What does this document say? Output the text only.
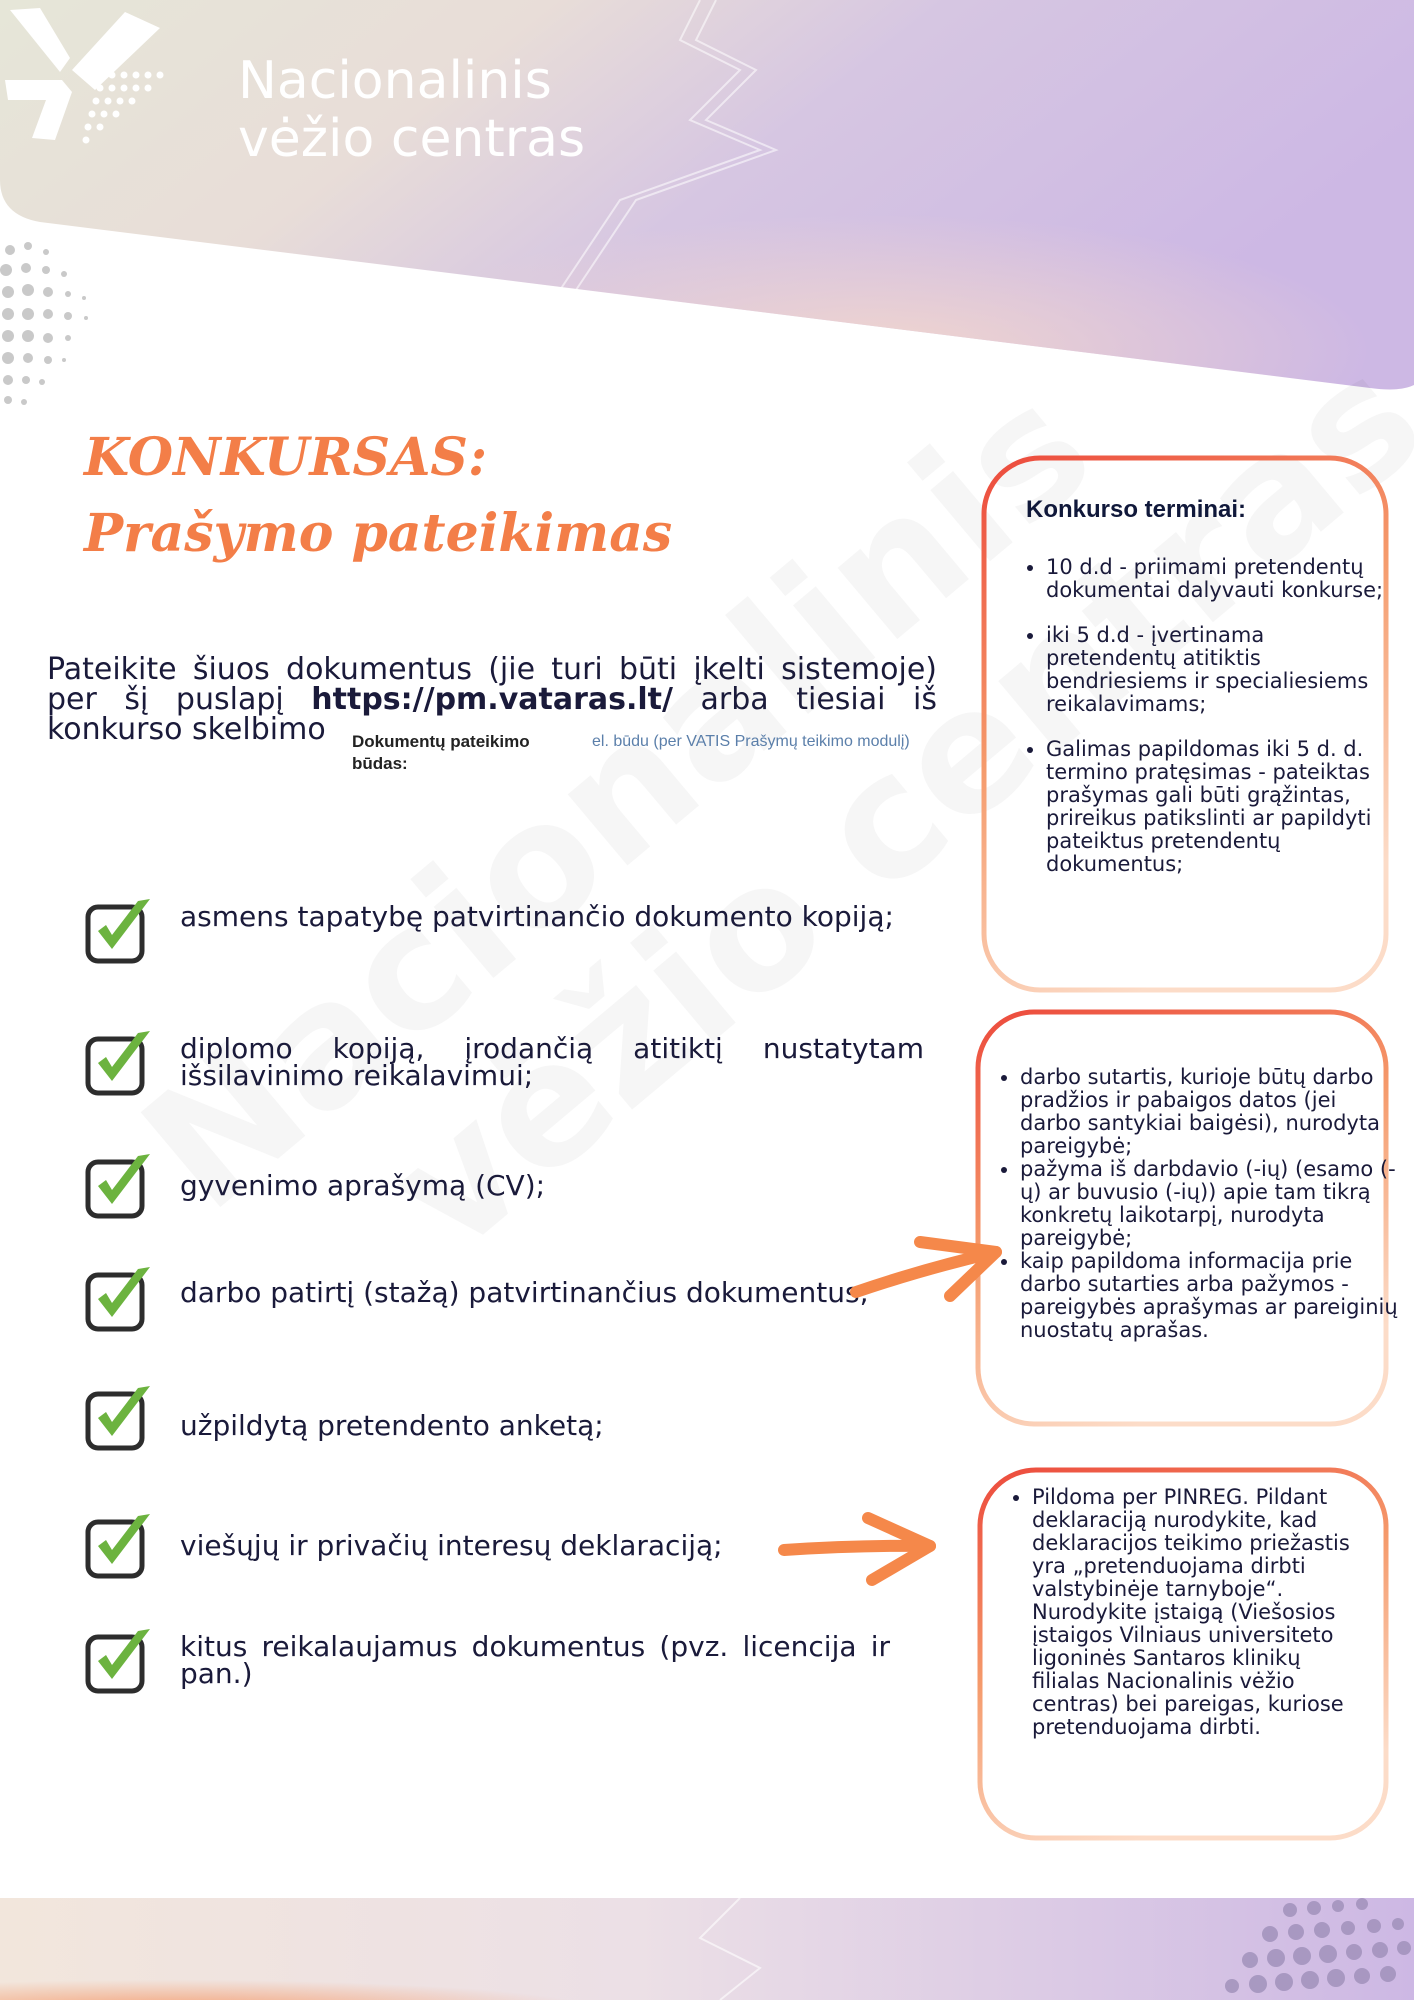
Nacionalinis
vėžio centras
KONKURSAS:
Prašymo pateikimas
Pateikite šiuos dokumentus (jie turi būti įkelti sistemoje) per šį puslapį https://pm.vataras.lt/ arba tiesiai iš konkurso skelbimo	Dokumentų pateikimo būdas:
el. būdu (per VATIS Prašymų teikimo modulį)
asmens tapatybę patvirtinančio dokumento kopiją;
diplomo kopiją, įrodančią atitiktį nustatytam išsilavinimo reikalavimui;
gyvenimo aprašymą (CV);
darbo patirtį (stažą) patvirtinančius dokumentus;
užpildytą pretendento anketą;
viešųjų ir privačių interesų deklaraciją;
kitus reikalaujamus dokumentus (pvz. licencija ir pan.)
Konkurso terminai:
• 10 d.d - priimami pretendentų dokumentai dalyvauti konkurse;
• iki 5 d.d - įvertinama pretendentų atitiktis bendriesiems ir specialiesiems reikalavimams;
• Galimas papildomas iki 5 d. d. termino pratęsimas - pateiktas prašymas gali būti grąžintas, prireikus patikslinti ar papildyti pateiktus pretendentų dokumentus;
• darbo sutartis, kurioje būtų darbo pradžios ir pabaigos datos (jei darbo santykiai baigėsi), nurodyta pareigybė;
• pažyma iš darbdavio (-ių) (esamo (-ų) ar buvusio (-ių)) apie tam tikrą konkretų laikotarpį, nurodyta pareigybė;
• kaip papildoma informacija prie darbo sutarties arba pažymos - pareigybės aprašymas ar pareiginių nuostatų aprašas.
• Pildoma per PINREG. Pildant deklaraciją nurodykite, kad deklaracijos teikimo priežastis yra „pretenduojama dirbti valstybinėje tarnyboje“. Nurodykite įstaigą (Viešosios įstaigos Vilniaus universiteto ligoninės Santaros klinikų filialas Nacionalinis vėžio centras) bei pareigas, kuriose pretenduojama dirbti.
